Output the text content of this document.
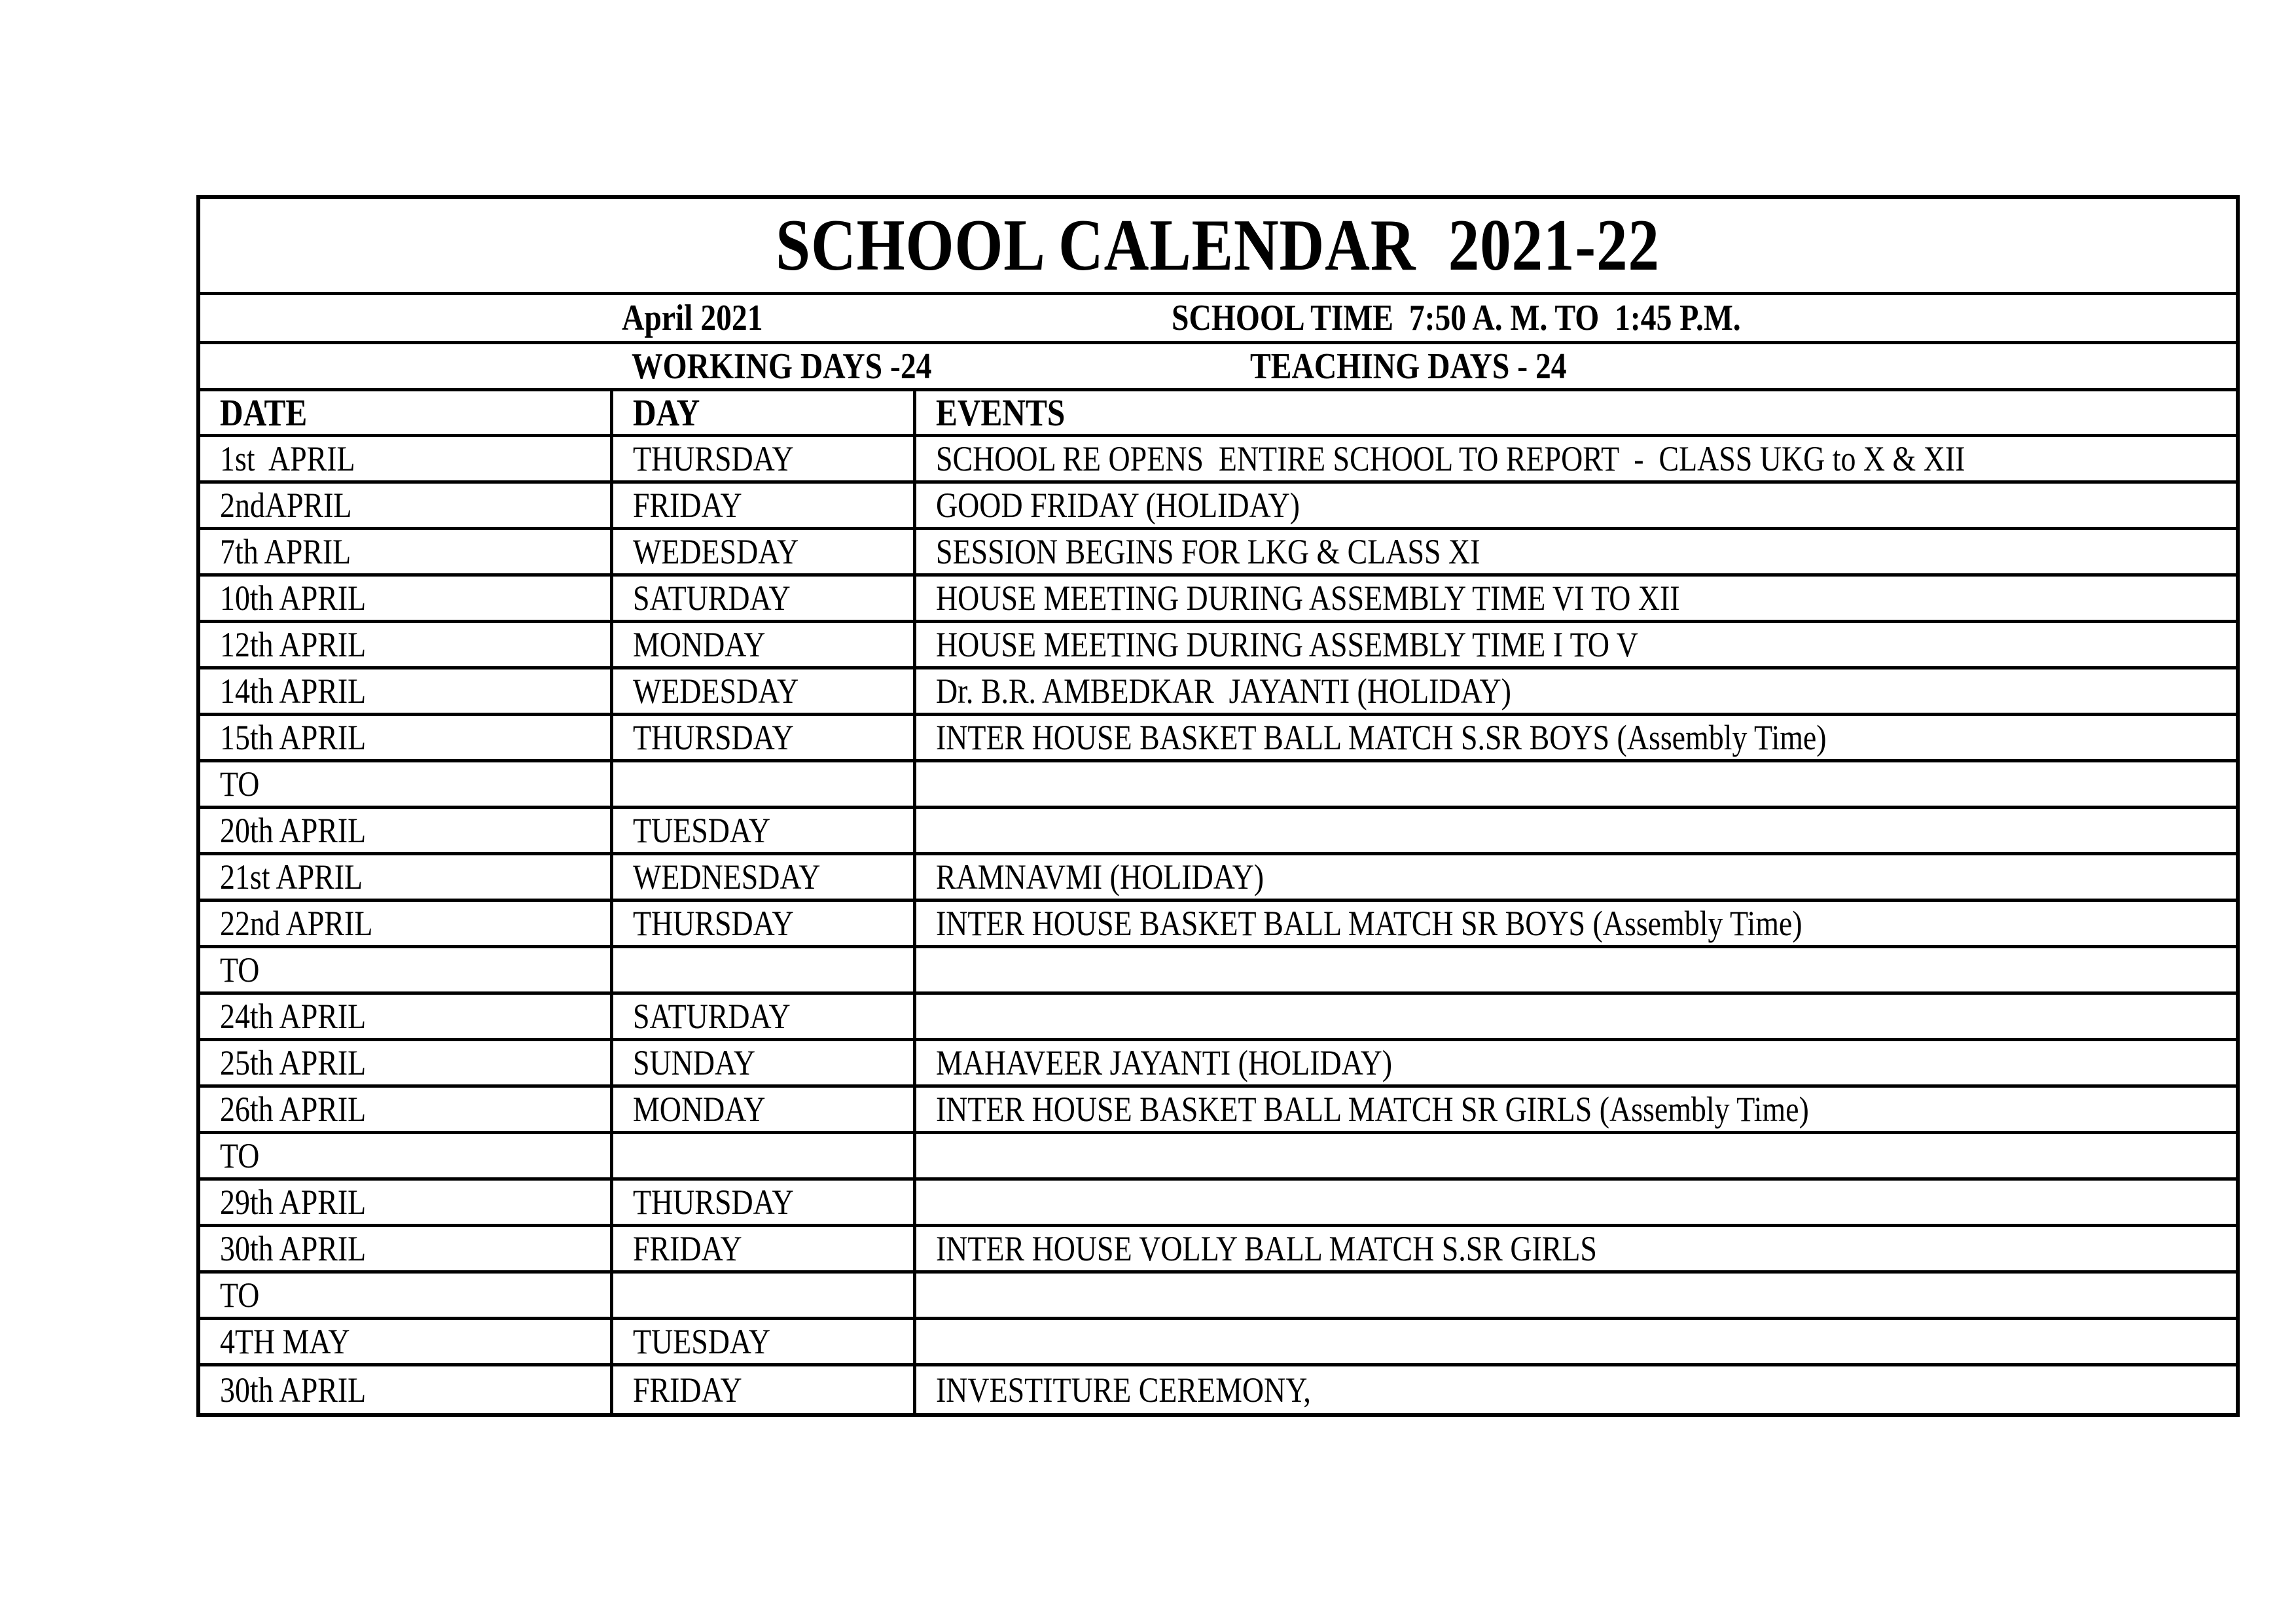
SCHOOL CALENDAR  2021-22
April 2021	SCHOOL TIME  7:50 A. M. TO  1:45 P.M.
WORKING DAYS -24	TEACHING DAYS - 24
DATE	DAY	EVENTS
1st  APRIL	THURSDAY	SCHOOL RE OPENS  ENTIRE SCHOOL TO REPORT  -  CLASS UKG to X & XII
2ndAPRIL	FRIDAY	GOOD FRIDAY (HOLIDAY)
7th APRIL	WEDESDAY	SESSION BEGINS FOR LKG & CLASS XI
10th APRIL	SATURDAY	HOUSE MEETING DURING ASSEMBLY TIME VI TO XII
12th APRIL	MONDAY	HOUSE MEETING DURING ASSEMBLY TIME I TO V
14th APRIL	WEDESDAY	Dr. B.R. AMBEDKAR  JAYANTI (HOLIDAY)
15th APRIL	THURSDAY	INTER HOUSE BASKET BALL MATCH S.SR BOYS (Assembly Time)
TO
20th APRIL	TUESDAY
21st APRIL	WEDNESDAY	RAMNAVMI (HOLIDAY)
22nd APRIL	THURSDAY	INTER HOUSE BASKET BALL MATCH SR BOYS (Assembly Time)
TO
24th APRIL	SATURDAY
25th APRIL	SUNDAY	MAHAVEER JAYANTI (HOLIDAY)
26th APRIL	MONDAY	INTER HOUSE BASKET BALL MATCH SR GIRLS (Assembly Time)
TO
29th APRIL	THURSDAY
30th APRIL	FRIDAY	INTER HOUSE VOLLY BALL MATCH S.SR GIRLS
TO
4TH MAY	TUESDAY
30th APRIL	FRIDAY	INVESTITURE CEREMONY,
